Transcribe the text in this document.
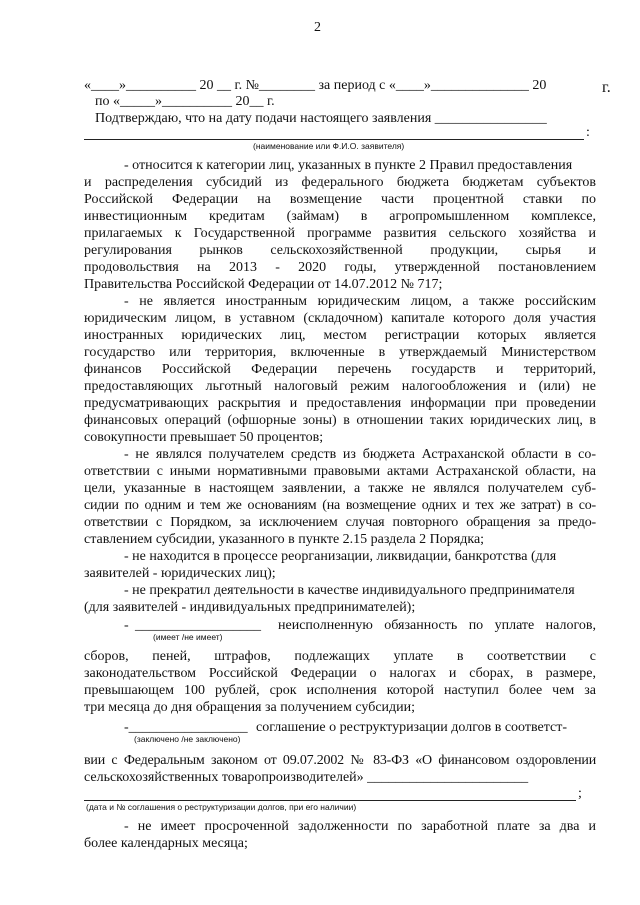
2
«____»__________ 20 __ г. №________ за период с «____»______________ 20	г.
по «_____»__________ 20__ г.
Подтверждаю, что на дату подачи настоящего заявления ________________
:
(наименование или Ф.И.О. заявителя)
- относится к категории лиц, указанных в пункте 2 Правил предоставления
и распределения субсидий из федерального бюджета бюджетам субъектов
Российской Федерации на возмещение части процентной ставки по
инвестиционным кредитам (займам) в агропромышленном комплексе,
прилагаемых к Государственной программе развития сельского хозяйства и
регулирования рынков сельскохозяйственной продукции, сырья и
продовольствия на 2013 - 2020 годы, утвержденной постановлением
Правительства Российской Федерации от 14.07.2012 № 717;
- не является иностранным юридическим лицом, а также российским
юридическим лицом, в уставном (складочном) капитале которого доля участия
иностранных юридических лиц, местом регистрации которых является
государство или территория, включенные в утверждаемый Министерством
финансов Российской Федерации перечень государств и территорий,
предоставляющих льготный налоговый режим налогообложения и (или) не
предусматривающих раскрытия и предоставления информации при проведении
финансовых операций (офшорные зоны) в отношении таких юридических лиц, в
совокупности превышает 50 процентов;
- не являлся получателем средств из бюджета Астраханской области в со-
ответствии с иными нормативными правовыми актами Астраханской области, на
цели, указанные в настоящем заявлении, а также не являлся получателем суб-
сидии по одним и тем же основаниям (на возмещение одних и тех же затрат) в со-
ответствии с Порядком, за исключением случая повторного обращения за предо-
ставлением субсидии, указанного в пункте 2.15 раздела 2 Порядка;
- не находится в процессе реорганизации, ликвидации, банкротства (для
заявителей - юридических лиц);
- не прекратил деятельности в качестве индивидуального предпринимателя
(для заявителей - индивидуальных предпринимателей);
- __________________ неисполненную обязанность по уплате налогов,
(имеет /не имеет)
сборов, пеней, штрафов, подлежащих уплате в соответствии с
законодательством Российской Федерации о налогах и сборах, в размере,
превышающем 100 рублей, срок исполнения которой наступил более чем за
три месяца до дня обращения за получением субсидии;
-_________________ соглашение о реструктуризации долгов в соответст-
(заключено /не заключено)
вии с Федеральным законом от 09.07.2002 № 83-ФЗ «О финансовом оздоровлении
сельскохозяйственных товаропроизводителей» _______________________
;
(дата и № соглашения о реструктуризации долгов, при его наличии)
- не имеет просроченной задолженности по заработной плате за два и
более календарных месяца;
